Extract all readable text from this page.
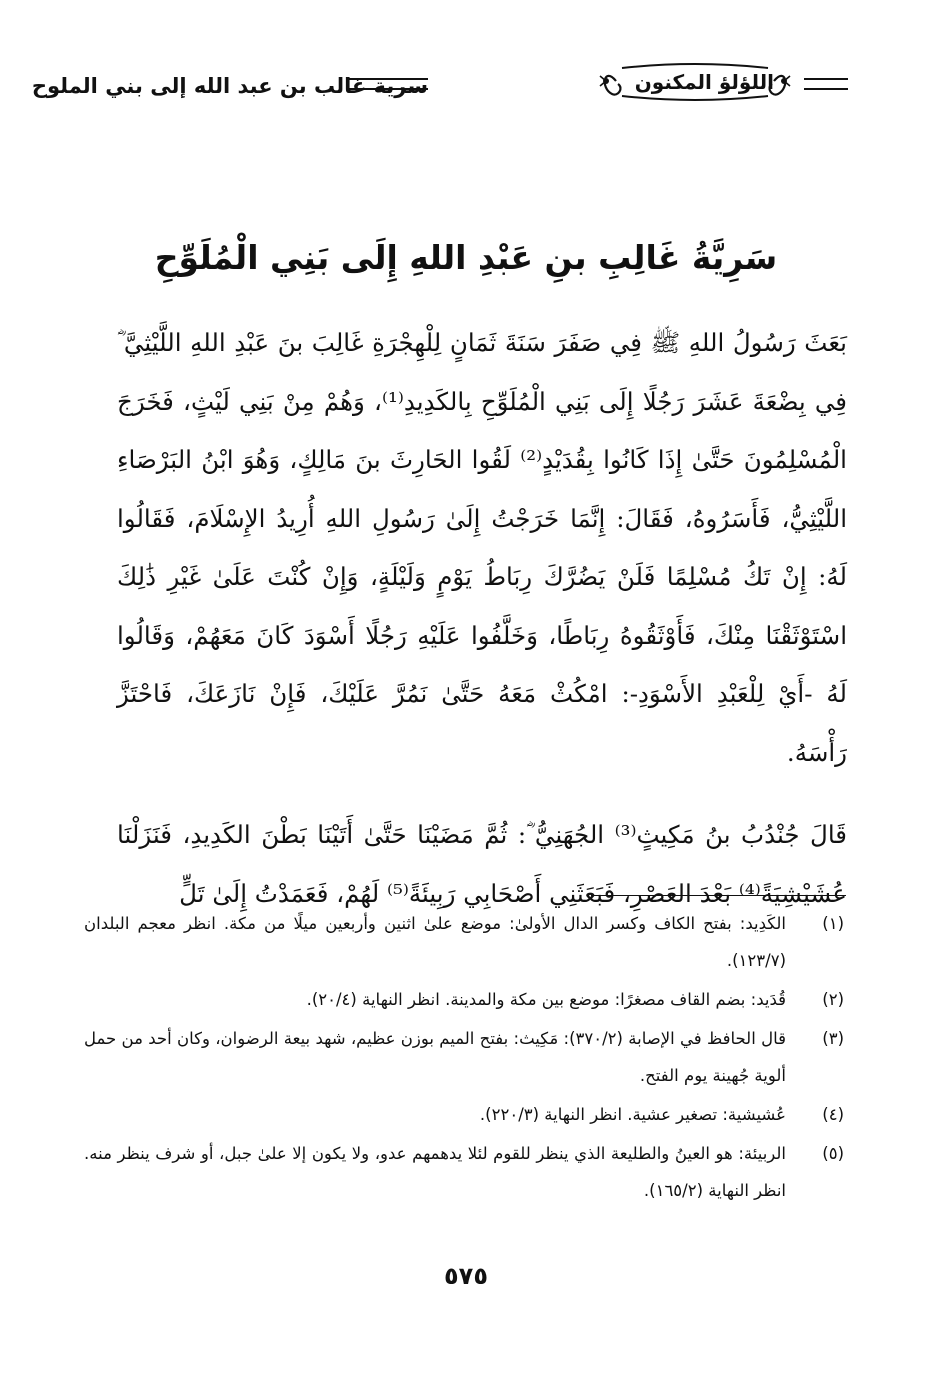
سرية غالب بن عبد الله إلى بني الملوح	اللؤلؤ المكنون
سَرِيَّةُ غَالِبِ بنِ عَبْدِ اللهِ إِلَى بَنِي الْمُلَوِّحِ

بَعَثَ رَسُولُ اللهِ ﷺ فِي صَفَرَ سَنَةَ ثَمَانٍ لِلْهِجْرَةِ غَالِبَ بنَ عَبْدِ اللهِ اللَّيْثِيَّ ؓ فِي بِضْعَةَ عَشَرَ رَجُلًا إِلَى بَنِي الْمُلَوِّحِ بِالكَدِيدِ⁽¹⁾، وَهُمْ مِنْ بَنِي لَيْثٍ، فَخَرَجَ الْمُسْلِمُونَ حَتَّىٰ إِذَا كَانُوا بِقُدَيْدٍ⁽²⁾ لَقُوا الحَارِثَ بنَ مَالِكٍ، وَهُوَ ابْنُ البَرْصَاءِ اللَّيْثِيُّ، فَأَسَرُوهُ، فَقَالَ: إِنَّمَا خَرَجْتُ إِلَىٰ رَسُولِ اللهِ أُرِيدُ الإِسْلَامَ، فَقَالُوا لَهُ: إِنْ تَكُ مُسْلِمًا فَلَنْ يَضُرَّكَ رِبَاطُ يَوْمٍ وَلَيْلَةٍ، وَإِنْ كُنْتَ عَلَىٰ غَيْرِ ذَٰلِكَ اسْتَوْثَقْنَا مِنْكَ، فَأَوْثَقُوهُ رِبَاطًا، وَخَلَّفُوا عَلَيْهِ رَجُلًا أَسْوَدَ كَانَ مَعَهُمْ، وَقَالُوا لَهُ -أَيْ لِلْعَبْدِ الأَسْوَدِ-: امْكُثْ مَعَهُ حَتَّىٰ نَمُرَّ عَلَيْكَ، فَإِنْ نَازَعَكَ، فَاحْتَزَّ رَأْسَهُ.

قَالَ جُنْدُبُ بنُ مَكِيثٍ⁽³⁾ الجُهَنِيُّ ؓ: ثُمَّ مَضَيْنَا حَتَّىٰ أَتَيْنَا بَطْنَ الكَدِيدِ، فَنَزَلْنَا عُشَيْشِيَةً⁽⁴⁾ بَعْدَ العَصْرِ، فَبَعَثَنِي أَصْحَابِي رَبِيئَةً⁽⁵⁾ لَهُمْ، فَعَمَدْتُ إِلَىٰ تَلٍّ

(١)
الكَدِيد: بفتح الكاف وكسر الدال الأولىٰ: موضع علىٰ اثنين وأربعين ميلًا من مكة. انظر معجم البلدان (١٢٣/٧).
(٢)
قُدَيد: بضم القاف مصغرًا: موضع بين مكة والمدينة. انظر النهاية (٢٠/٤).
(٣)
قال الحافظ في الإصابة (٣٧٠/٢): مَكِيث: بفتح الميم بوزن عظيم، شهد بيعة الرضوان، وكان أحد من حمل ألوية جُهينة يوم الفتح.
(٤)
عُشيشية: تصغير عشية. انظر النهاية (٢٢٠/٣).
(٥)
الربيئة: هو العينُ والطليعة الذي ينظر للقوم لئلا يدهمهم عدو، ولا يكون إلا علىٰ جبل، أو شرف ينظر منه. انظر النهاية (١٦٥/٢).
٥٧٥
